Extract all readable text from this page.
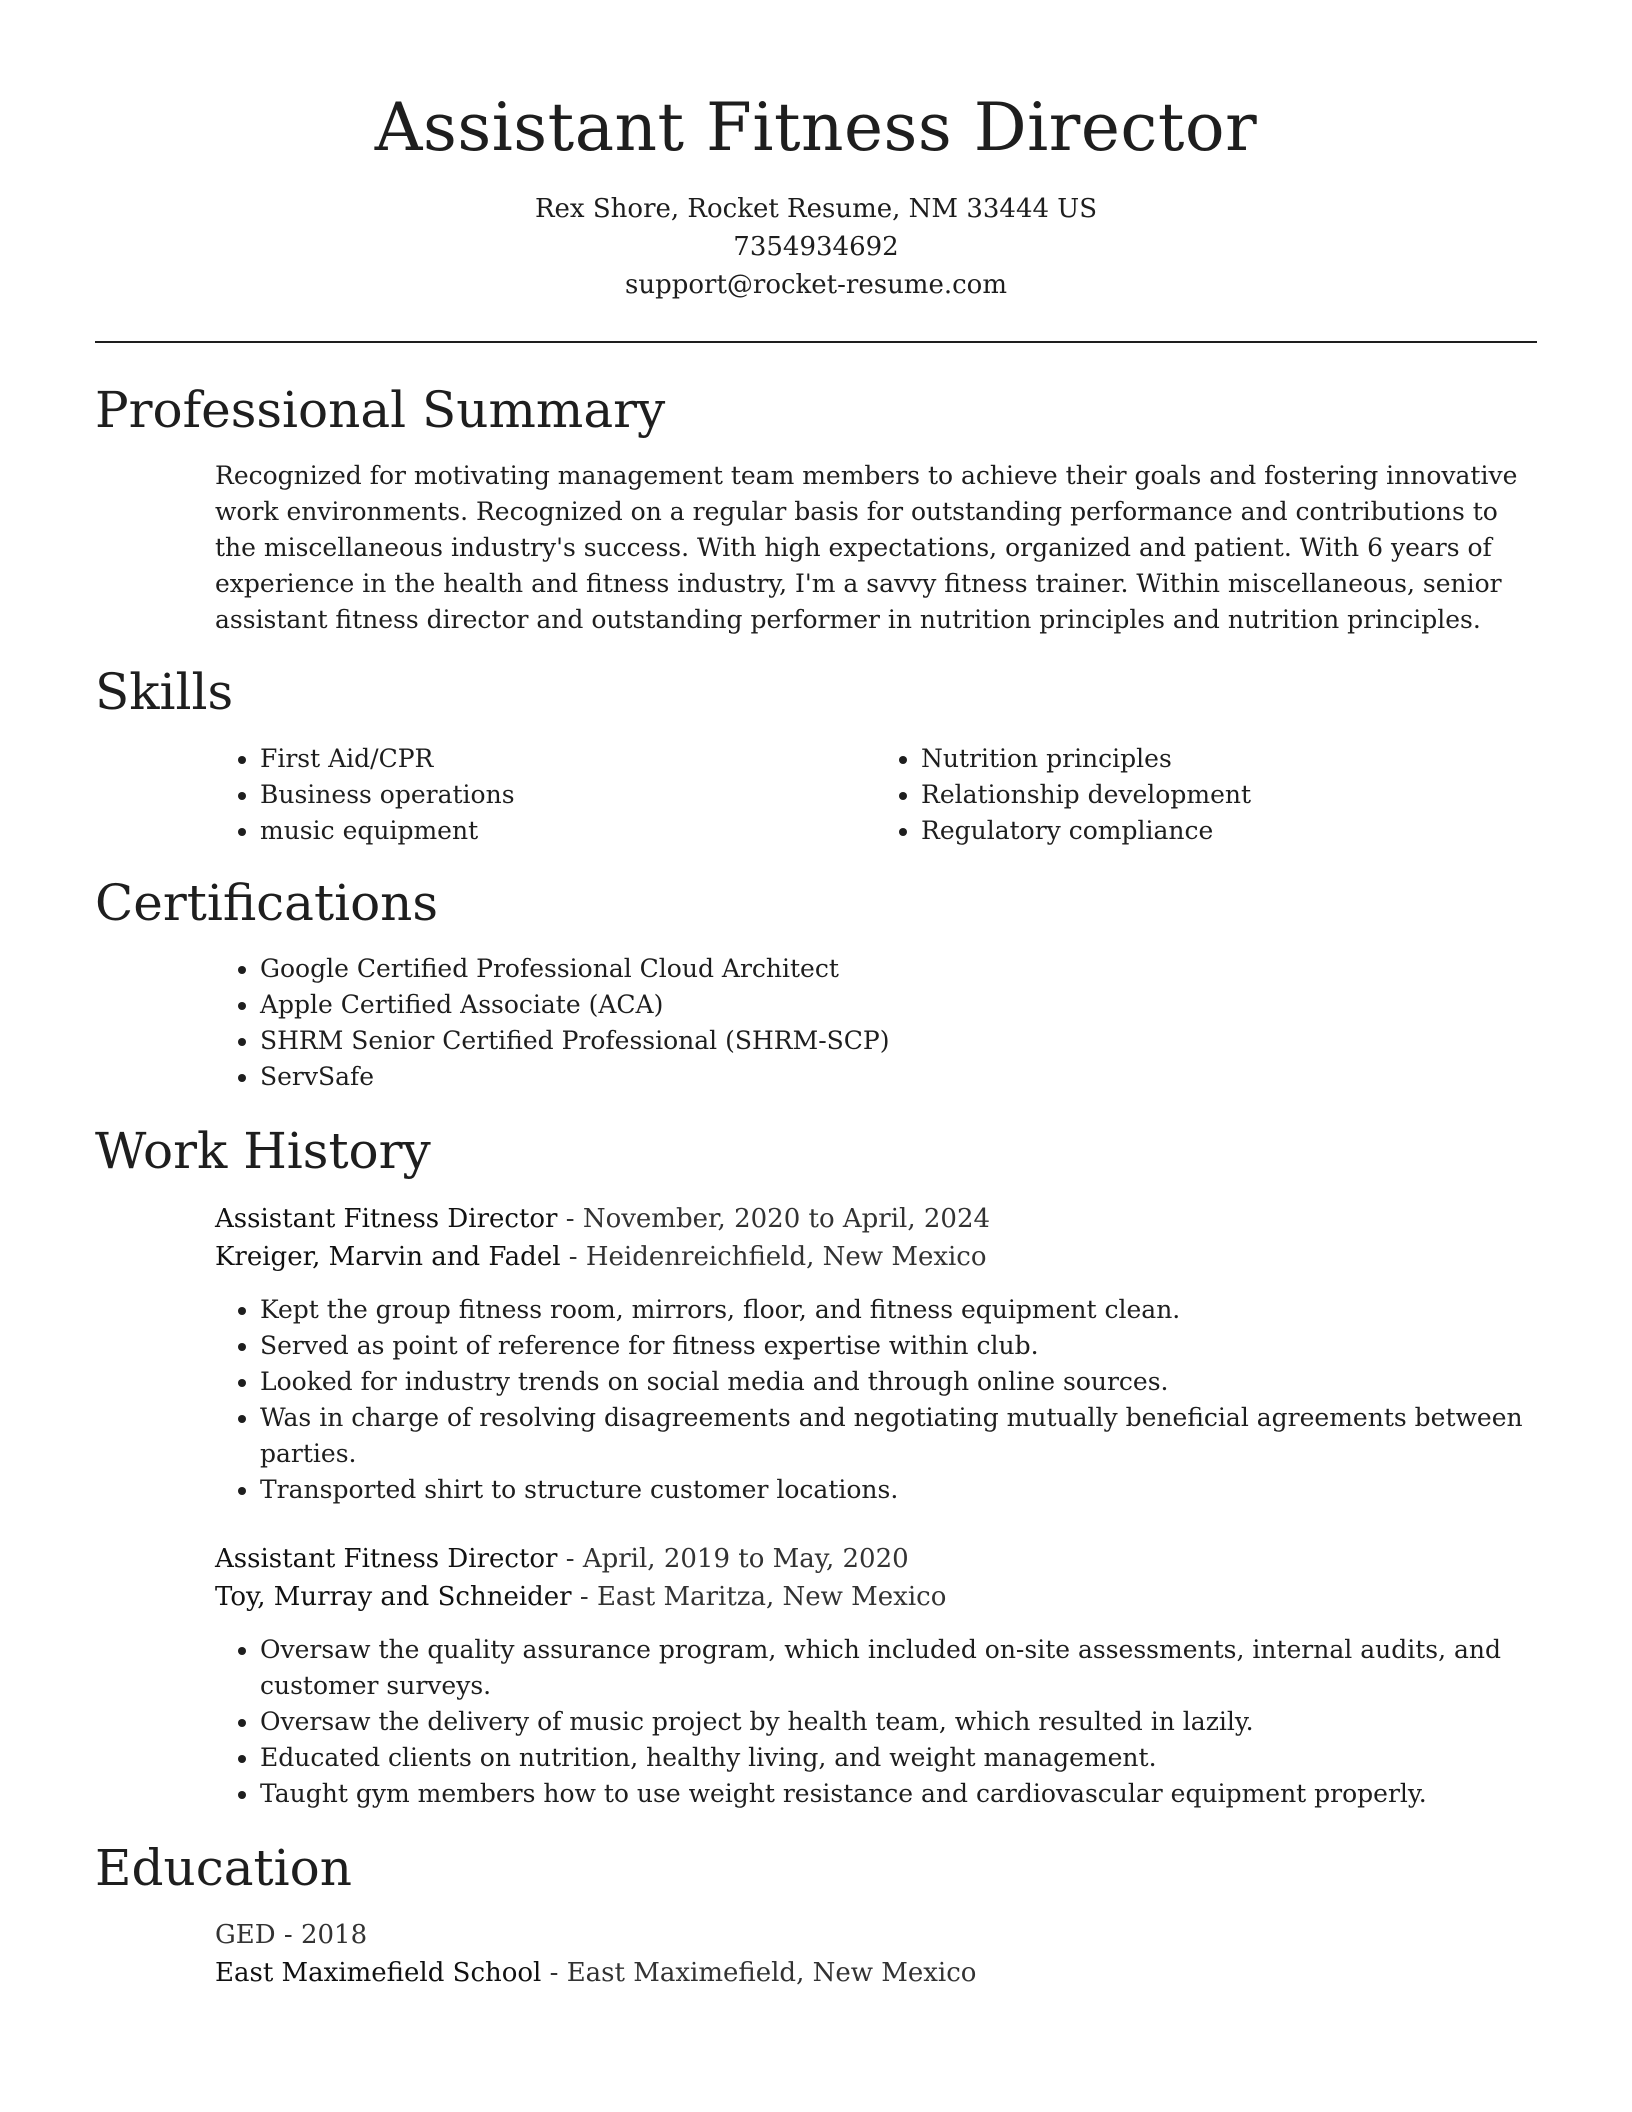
Assistant Fitness Director
Rex Shore, Rocket Resume, NM 33444 US
7354934692
support@rocket-resume.com
Professional Summary

Recognized for motivating management team members to achieve their goals and fostering innovative work environments. Recognized on a regular basis for outstanding performance and contributions to the miscellaneous industry's success. With high expectations, organized and patient. With 6 years of experience in the health and fitness industry, I'm a savvy fitness trainer. Within miscellaneous, senior assistant fitness director and outstanding performer in nutrition principles and nutrition principles.

Skills
• First Aid/CPR
• Business operations
• music equipment
• Nutrition principles
• Relationship development
• Regulatory compliance
Certifications
• Google Certified Professional Cloud Architect
• Apple Certified Associate (ACA)
• SHRM Senior Certified Professional (SHRM-SCP)
• ServSafe
Work History

Assistant Fitness Director - November, 2020 to April, 2024

Kreiger, Marvin and Fadel - Heidenreichfield, New Mexico

• Kept the group fitness room, mirrors, floor, and fitness equipment clean.
• Served as point of reference for fitness expertise within club.
• Looked for industry trends on social media and through online sources.
• Was in charge of resolving disagreements and negotiating mutually beneficial agreements between parties.
• Transported shirt to structure customer locations.

Assistant Fitness Director - April, 2019 to May, 2020

Toy, Murray and Schneider - East Maritza, New Mexico

• Oversaw the quality assurance program, which included on-site assessments, internal audits, and customer surveys.
• Oversaw the delivery of music project by health team, which resulted in lazily.
• Educated clients on nutrition, healthy living, and weight management.
• Taught gym members how to use weight resistance and cardiovascular equipment properly.
Education

GED - 2018

East Maximefield School - East Maximefield, New Mexico
